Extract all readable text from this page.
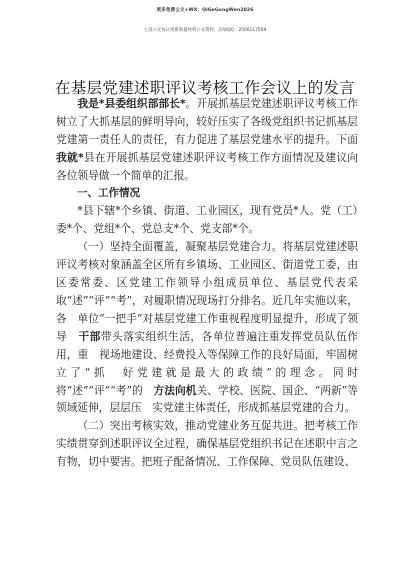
更多免费公文+WX：QiGeGongWen2026
七哥公文每日更新海量材料公文资料，添加QQ：2500117569
在基层党建述职评议考核工作会议上的发言

我是*县委组织部部长*。开展抓基层党建述职评议考核工作树立了大抓基层的鲜明导向，较好压实了各级党组织书记抓基层党建第一责任人的责任，有力促进了基层党建水平的提升。下面我就*县在开展抓基层党建述职评议考核工作方面情况及建议向各位领导做一个简单的汇报。

一、工作情况

*县下辖*个乡镇、街道、工业园区，现有党员*人。党（工）委*个、党组*个、党总支*个、党支部*个。

（一）坚持全面覆盖，凝聚基层党建合力。将基层党建述职评议考核对象涵盖全区所有乡镇场、工业园区、街道党工委，由区委常委、区党建工作领导小组成员单位、基层党代表采取“述”“评”“考”，对履职情况现场打分排名。近几年实施以来，各　单位“一把手”对基层党建工作重视程度明显提升，形成了领导　干部带头落实组织生活，各单位普遍注重发挥党员队伍作用，重　视场地建设、经费投入等保障工作的良好局面，牢固树立了“抓　好党建就是最大的政绩”的理念。同时将“述”“评”“考”的　方法向机关、学校、医院、国企、“两新”等领域延伸，层层压　实党建主体责任，形成抓基层党建的合力。

（二）突出考核实效，推动党建业务互促共进。把考核工作实绩贯穿到述职评议全过程，确保基层党组织书记在述职中言之有物，切中要害。把班子配备情况、工作保障、党员队伍建设、
